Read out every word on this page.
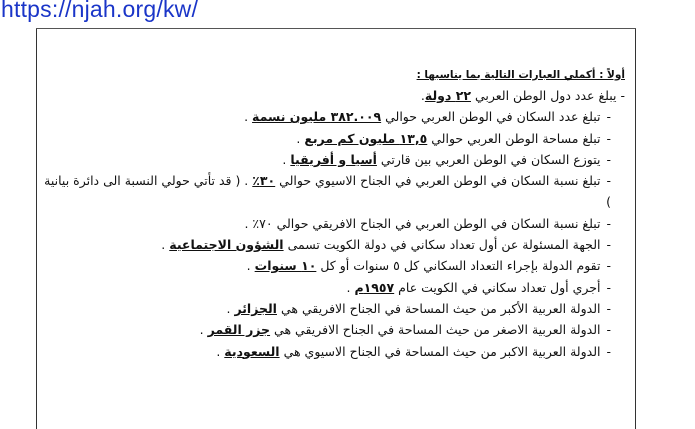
https://njah.org/kw/
أولاً : أكملي العبارات التالية بما يناسبها :
- يبلغ عدد دول الوطن العربي ٢٢ دولة.
-تبلغ عدد السكان في الوطن العربي حوالي ٣٨٢.٠٠٩ مليون نسمة .
-تبلغ مساحة الوطن العربي حوالي ١٣,٥ مليون كم مربع .
-يتوزع السكان في الوطن العربي بين قارتي أسيا و أفريقيا .
-تبلغ نسبة السكان في الوطن العربي في الجناح الاسيوي حوالي ٣٠٪ . ( قد تأتي حولي النسبة الى دائرة بيانية )
-تبلغ نسبة السكان في الوطن العربي في الجناح الافريقي حوالي ٧٠٪ .
-الجهة المسئولة عن أول تعداد سكاني في دولة الكويت تسمى الشؤون الاجتماعية .
-تقوم الدولة بإجراء التعداد السكاني كل ٥ سنوات أو كل ١٠ سنوات .
-أجري أول تعداد سكاني في الكويت عام ١٩٥٧م .
-الدولة العربية الأكبر من حيث المساحة في الجناح الافريقي هي الجزائر .
-الدولة العربية الاصغر من حيث المساحة في الجناح الافريقي هي جزر القمر .
-الدولة العربية الاكبر من حيث المساحة في الجناح الاسيوي هي السعودية .
